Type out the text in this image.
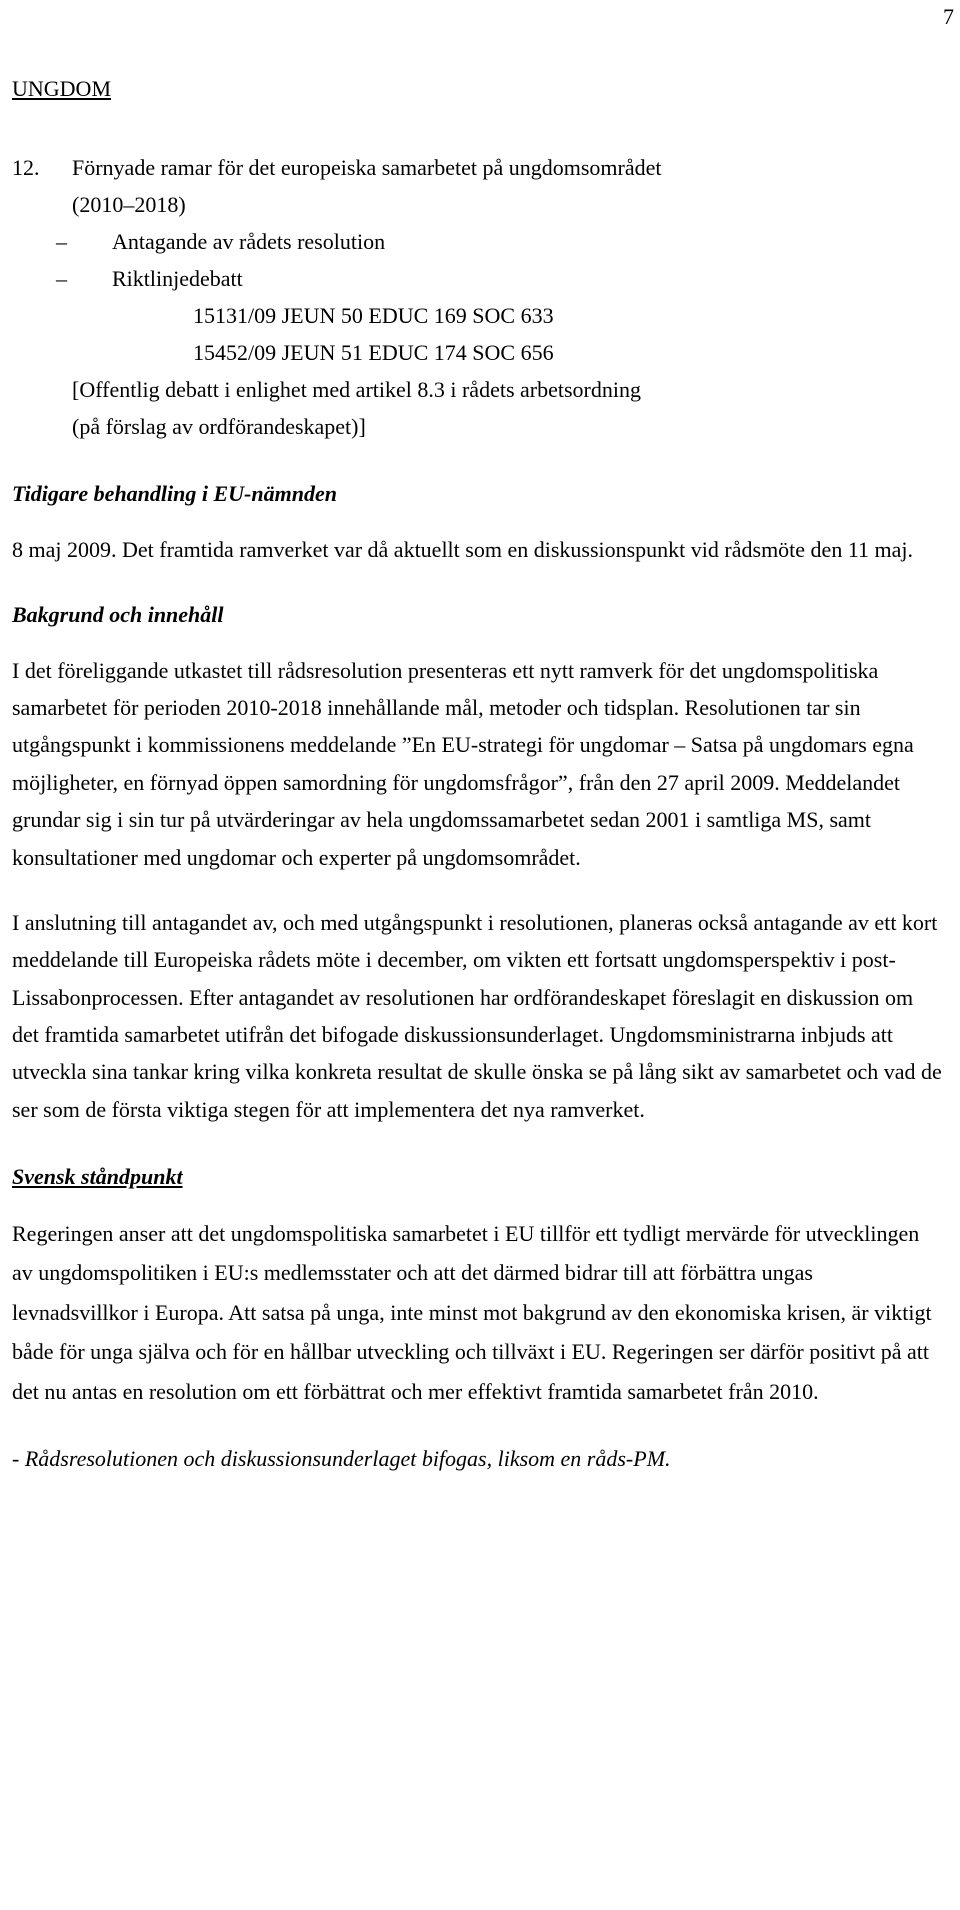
7
UNGDOM
12. Förnyade ramar för det europeiska samarbetet på ungdomsområdet
(2010–2018)
– Antagande av rådets resolution
– Riktlinjedebatt
15131/09 JEUN 50 EDUC 169 SOC 633
15452/09 JEUN 51 EDUC 174 SOC 656
[Offentlig debatt i enlighet med artikel 8.3 i rådets arbetsordning
(på förslag av ordförandeskapet)]
Tidigare behandling i EU-nämnden

8 maj 2009. Det framtida ramverket var då aktuellt som en diskussionspunkt vid rådsmöte den 11 maj.

Bakgrund och innehåll

I det föreliggande utkastet till rådsresolution presenteras ett nytt ramverk för det ungdomspolitiska samarbetet för perioden 2010-2018 innehållande mål, metoder och tidsplan. Resolutionen tar sin utgångspunkt i kommissionens meddelande ”En EU-strategi för ungdomar – Satsa på ungdomars egna möjligheter, en förnyad öppen samordning för ungdomsfrågor”, från den 27 april 2009. Meddelandet grundar sig i sin tur på utvärderingar av hela ungdomssamarbetet sedan 2001 i samtliga MS, samt konsultationer med ungdomar och experter på ungdomsområdet.

I anslutning till antagandet av, och med utgångspunkt i resolutionen, planeras också antagande av ett kort meddelande till Europeiska rådets möte i december, om vikten ett fortsatt ungdomsperspektiv i post-Lissabonprocessen. Efter antagandet av resolutionen har ordförandeskapet föreslagit en diskussion om det framtida samarbetet utifrån det bifogade diskussionsunderlaget. Ungdomsministrarna inbjuds att utveckla sina tankar kring vilka konkreta resultat de skulle önska se på lång sikt av samarbetet och vad de ser som de första viktiga stegen för att implementera det nya ramverket.

Svensk ståndpunkt

Regeringen anser att det ungdomspolitiska samarbetet i EU tillför ett tydligt mervärde för utvecklingen av ungdomspolitiken i EU:s medlemsstater och att det därmed bidrar till att förbättra ungas levnadsvillkor i Europa. Att satsa på unga, inte minst mot bakgrund av den ekonomiska krisen, är viktigt både för unga själva och för en hållbar utveckling och tillväxt i EU. Regeringen ser därför positivt på att det nu antas en resolution om ett förbättrat och mer effektivt framtida samarbetet från 2010.

- Rådsresolutionen och diskussionsunderlaget bifogas, liksom en råds-PM.
